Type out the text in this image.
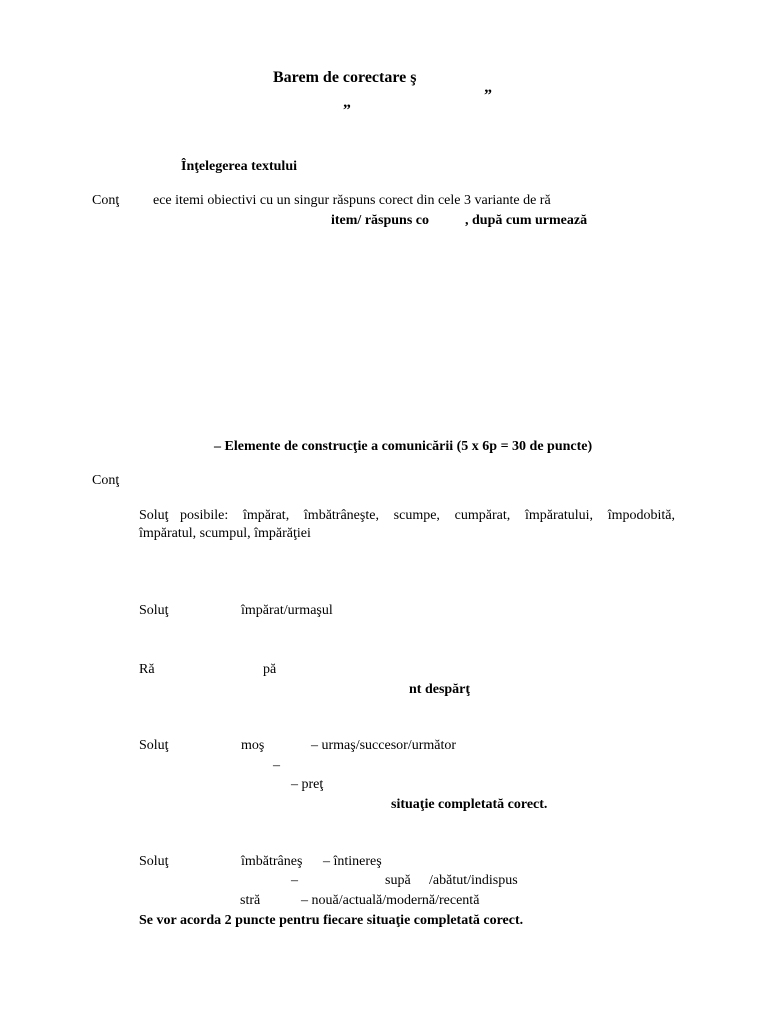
Barem de corectare ş
„	”
Înţelegerea textului
Conţ ece itemi obiectivi cu un singur răspuns corect din cele 3 variante de ră
item/ răspuns co	, după cum urmează
– Elemente de construcţie a comunicării (5 x 6p = 30 de puncte)
Conţ
Soluţ posibile: împărat, îmbătrâneşte, scumpe, cumpărat, împăratului, împodobită,
împăratul, scumpul, împărăţiei
Soluţ	împărat/urmaşul
Ră	pă
nt despărţ
Soluţ	moş	– urmaş/succesor/următor
–
– preţ
situaţie completată corect.
Soluţ	îmbătrâneş – întinereş
–	supă /abătut/indispus
stră	– nouă/actuală/modernă/recentă
Se vor acorda 2 puncte pentru fiecare situaţie completată corect.
